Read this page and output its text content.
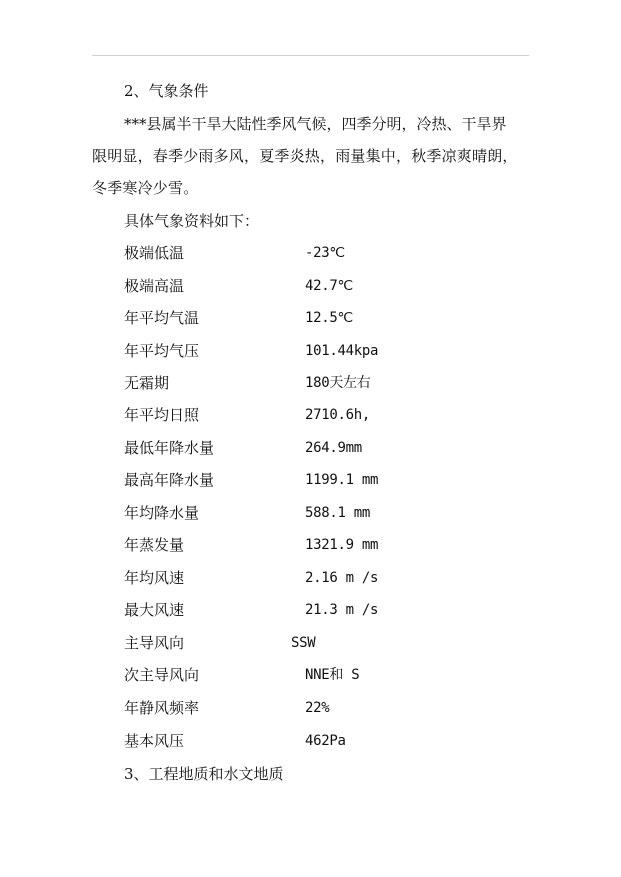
2、气象条件
***县属半干旱大陆性季风气候，四季分明，冷热、干旱界
限明显，春季少雨多风，夏季炎热，雨量集中，秋季凉爽晴朗，
冬季寒冷少雪。
具体气象资料如下：
极端低温	-23℃
极端高温	42.7℃
年平均气温	12.5℃
年平均气压	101.44kpa
无霜期	180天左右
年平均日照	2710.6h,
最低年降水量	264.9mm
最高年降水量	1199.1 mm
年均降水量	588.1 mm
年蒸发量	1321.9 mm
年均风速	2.16 m /s
最大风速	21.3 m /s
主导风向	SSW
次主导风向	NNE和 S
年静风频率	22%
基本风压	462Pa
3、工程地质和水文地质
